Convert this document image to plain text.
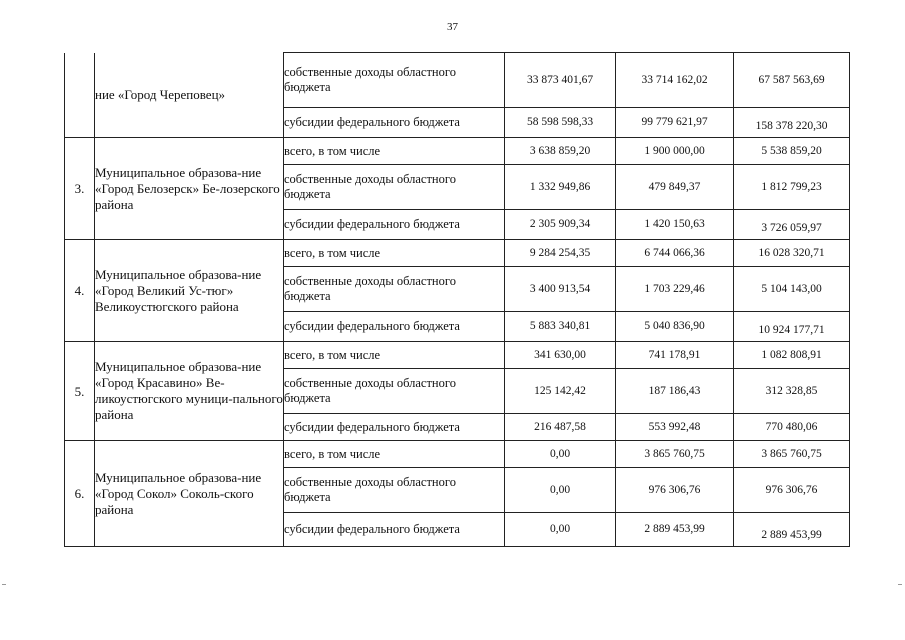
37
	ние «Город Череповец»	собственные доходы областного бюджета	33 873 401,67	33 714 162,02	67 587 563,69
		субсидии федерального бюджета	58 598 598,33	99 779 621,97	158 378 220,30
3.	Муниципальное образова-ние «Город Белозерск» Бе-лозерского района	всего, в том числе	3 638 859,20	1 900 000,00	5 538 859,20
		собственные доходы областного бюджета	1 332 949,86	479 849,37	1 812 799,23
		субсидии федерального бюджета	2 305 909,34	1 420 150,63	3 726 059,97
4.	Муниципальное образова-ние «Город Великий Ус-тюг» Великоустюгского района	всего, в том числе	9 284 254,35	6 744 066,36	16 028 320,71
		собственные доходы областного бюджета	3 400 913,54	1 703 229,46	5 104 143,00
		субсидии федерального бюджета	5 883 340,81	5 040 836,90	10 924 177,71
5.	Муниципальное образова-ние «Город Красавино» Ве-ликоустюгского муници-пального района	всего, в том числе	341 630,00	741 178,91	1 082 808,91
		собственные доходы областного бюджета	125 142,42	187 186,43	312 328,85
		субсидии федерального бюджета	216 487,58	553 992,48	770 480,06
6.	Муниципальное образова-ние «Город Сокол» Соколь-ского района	всего, в том числе	0,00	3 865 760,75	3 865 760,75
		собственные доходы областного бюджета	0,00	976 306,76	976 306,76
		субсидии федерального бюджета	0,00	2 889 453,99	2 889 453,99
